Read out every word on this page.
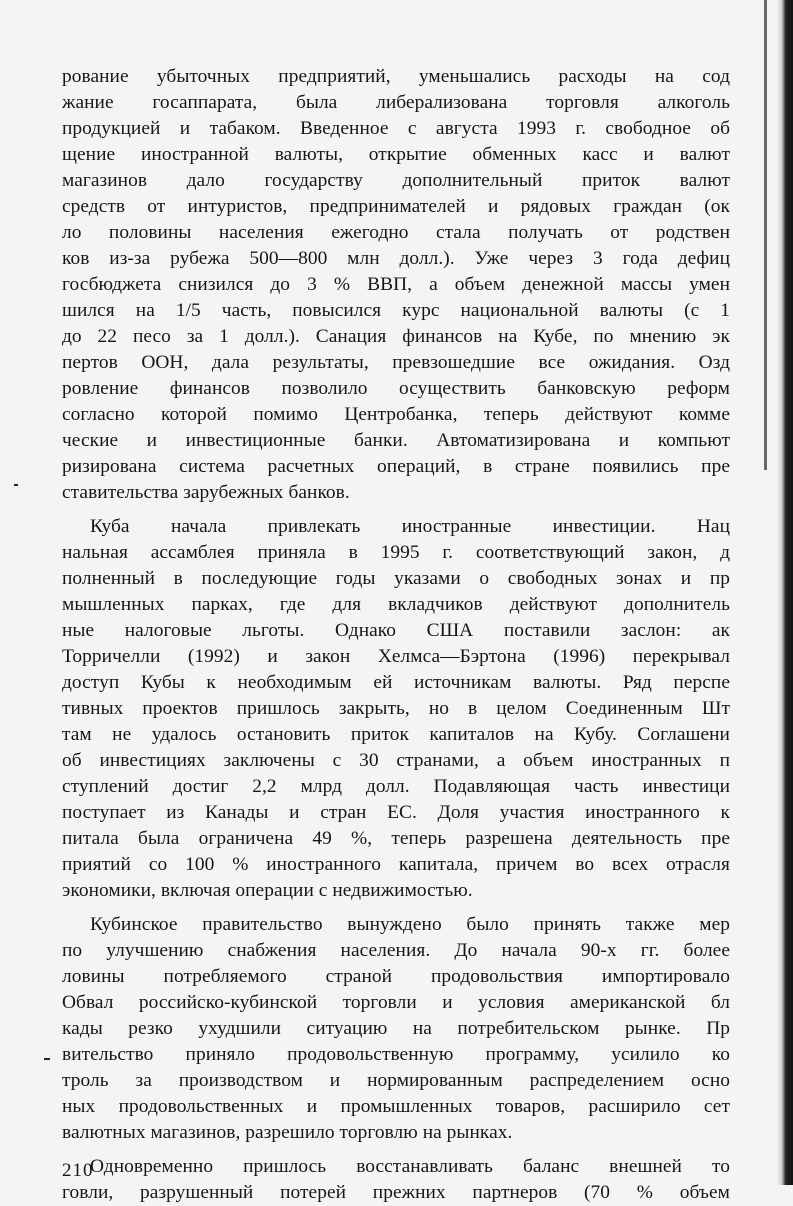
рование убыточных предприятий, уменьшались расходы на сод
жание госаппарата, была либерализована торговля алкоголь
продукцией и табаком. Введенное с августа 1993 г. свободное об
щение иностранной валюты, открытие обменных касс и валют
магазинов дало государству дополнительный приток валют
средств от интуристов, предпринимателей и рядовых граждан (ок
ло половины населения ежегодно стала получать от родствен
ков из-за рубежа 500—800 млн долл.). Уже через 3 года дефиц
госбюджета снизился до 3 % ВВП, а объем денежной массы умен
шился на 1/5 часть, повысился курс национальной валюты (с 1
до 22 песо за 1 долл.). Санация финансов на Кубе, по мнению эк
пертов ООН, дала результаты, превзошедшие все ожидания. Озд
ровление финансов позволило осуществить банковскую реформ
согласно которой помимо Центробанка, теперь действуют комме
ческие и инвестиционные банки. Автоматизирована и компьют
ризирована система расчетных операций, в стране появились пре
ставительства зарубежных банков.
Куба начала привлекать иностранные инвестиции. Нац
нальная ассамблея приняла в 1995 г. соответствующий закон, д
полненный в последующие годы указами о свободных зонах и пр
мышленных парках, где для вкладчиков действуют дополнитель
ные налоговые льготы. Однако США поставили заслон: ак
Торричелли (1992) и закон Хелмса—Бэртона (1996) перекрывал
доступ Кубы к необходимым ей источникам валюты. Ряд перспе
тивных проектов пришлось закрыть, но в целом Соединенным Шт
там не удалось остановить приток капиталов на Кубу. Соглашени
об инвестициях заключены с 30 странами, а объем иностранных п
ступлений достиг 2,2 млрд долл. Подавляющая часть инвестици
поступает из Канады и стран ЕС. Доля участия иностранного к
питала была ограничена 49 %, теперь разрешена деятельность пре
приятий со 100 % иностранного капитала, причем во всех отрасля
экономики, включая операции с недвижимостью.
Кубинское правительство вынуждено было принять также мер
по улучшению снабжения населения. До начала 90-х гг. более
ловины потребляемого страной продовольствия импортировало
Обвал российско-кубинской торговли и условия американской бл
кады резко ухудшили ситуацию на потребительском рынке. Пр
вительство приняло продовольственную программу, усилило ко
троль за производством и нормированным распределением осно
ных продовольственных и промышленных товаров, расширило сет
валютных магазинов, разрешило торговлю на рынках.
Одновременно пришлось восстанавливать баланс внешней то
говли, разрушенный потерей прежних партнеров (70 % объем
210
